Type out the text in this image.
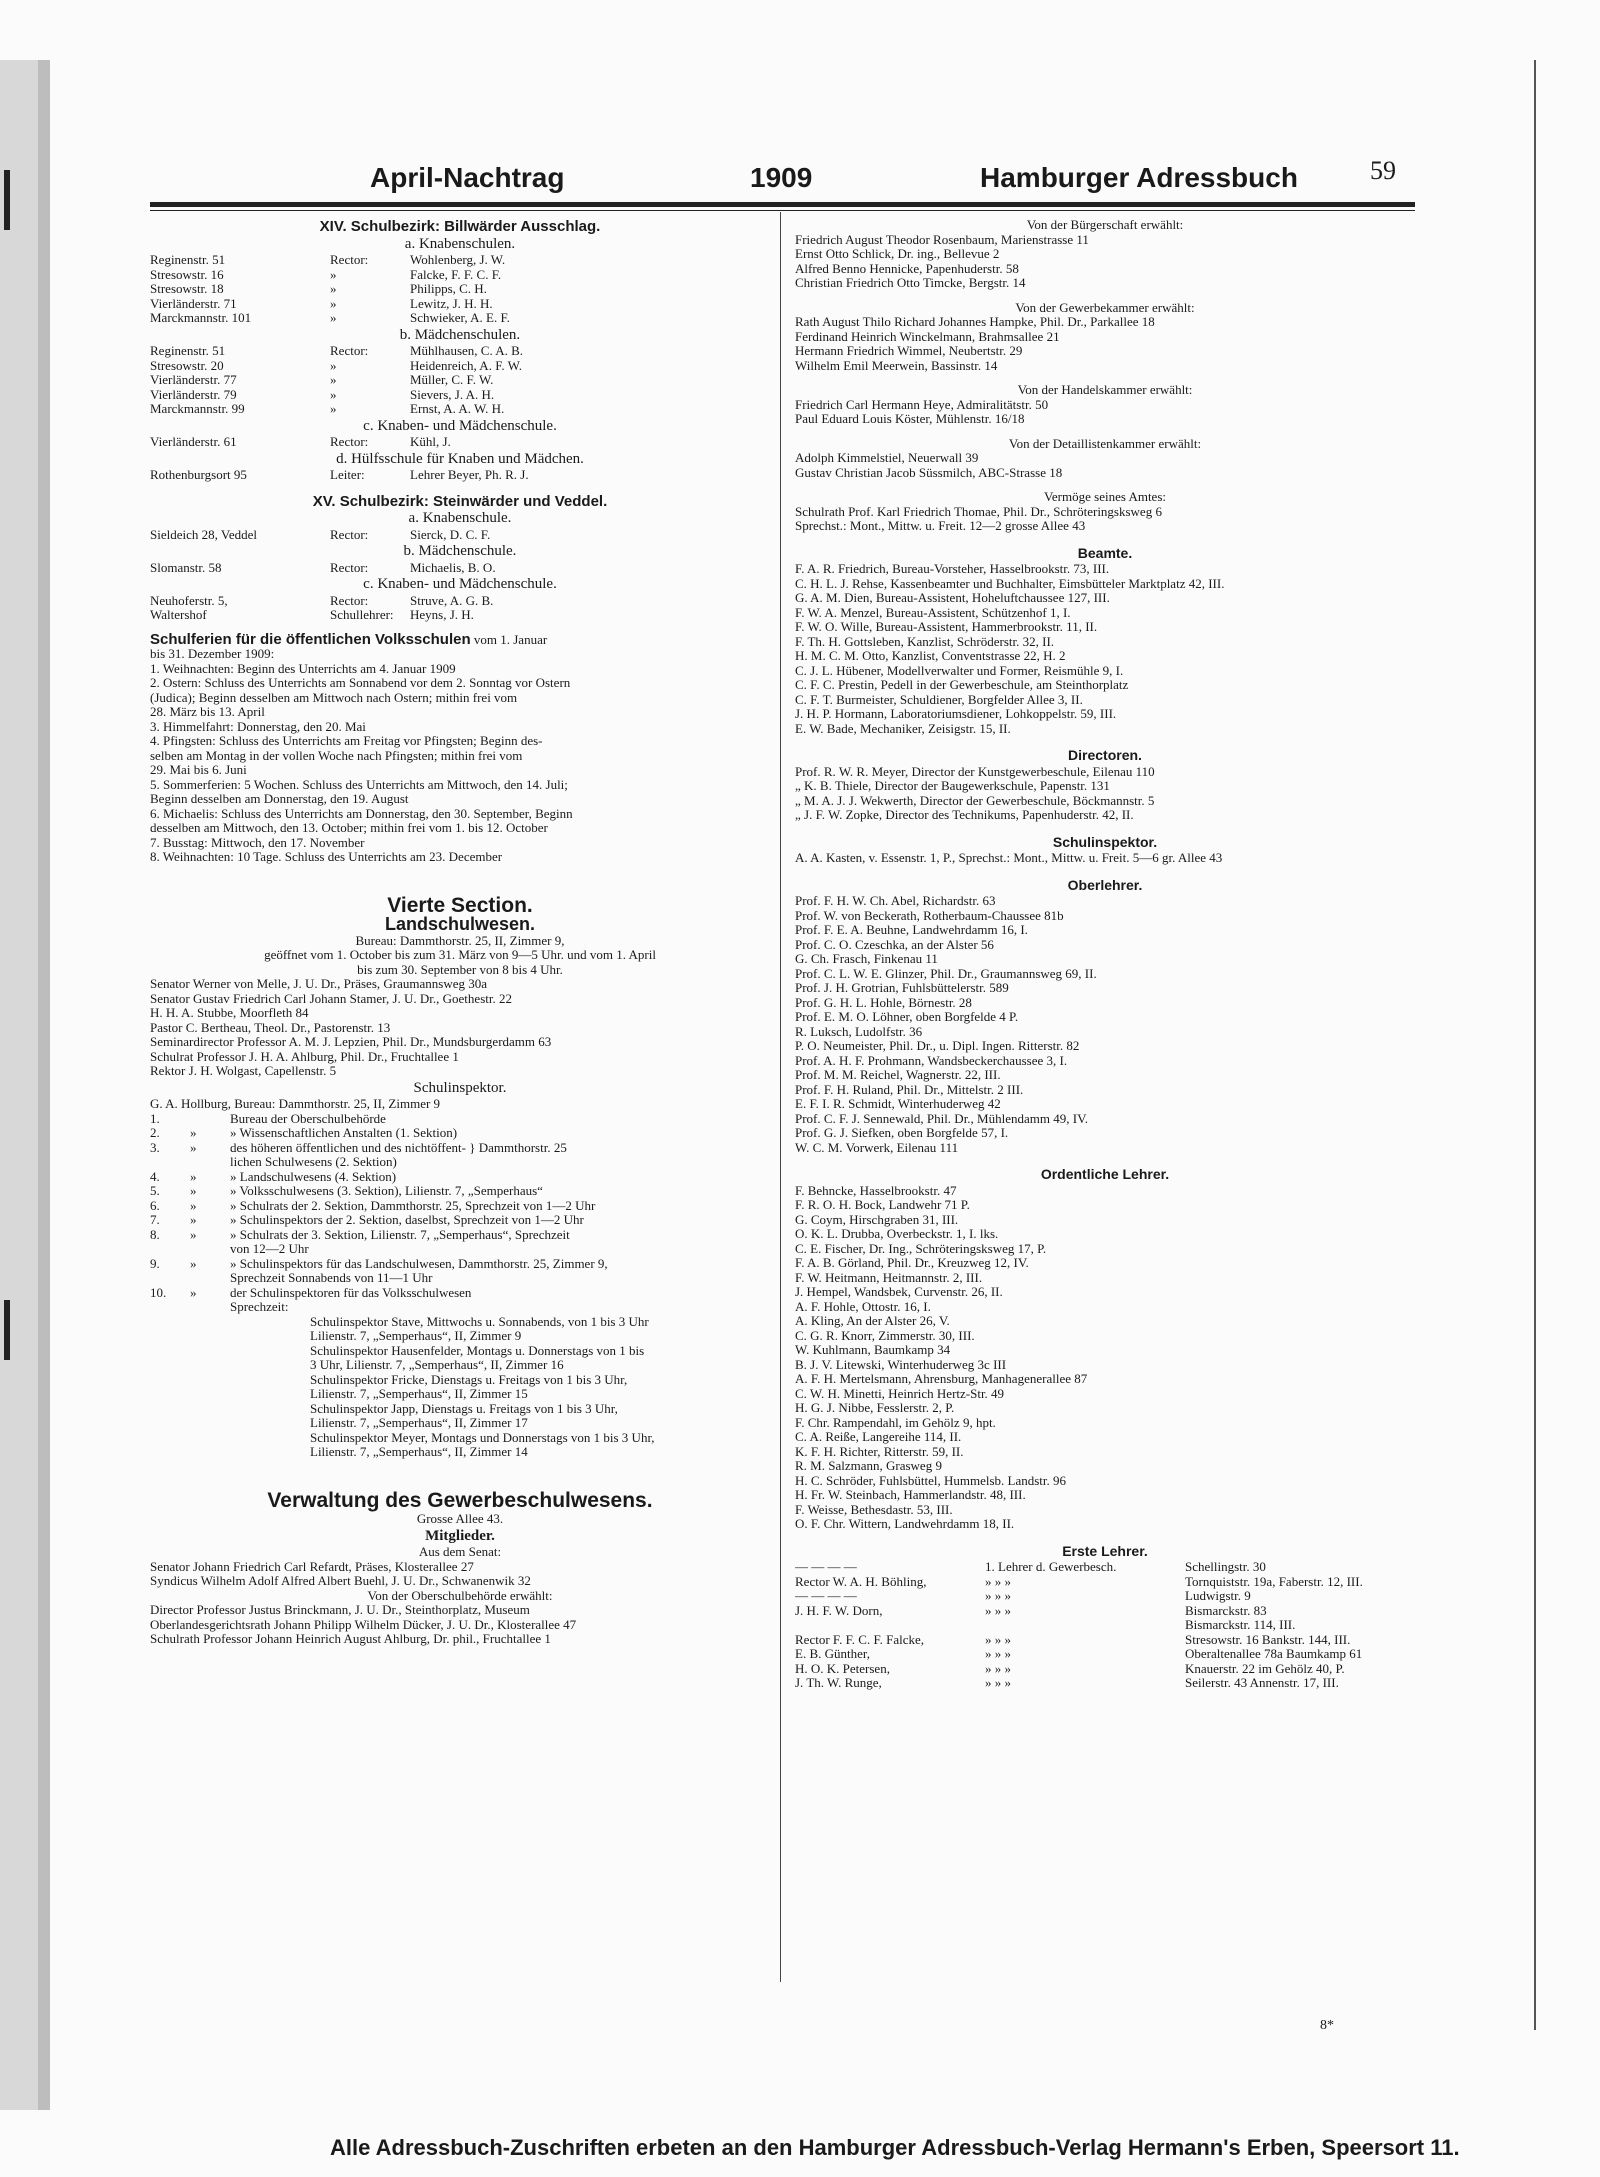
April-Nachtrag	1909	Hamburger Adressbuch	59
XIV. Schulbezirk: Billwärder Ausschlag.
a. Knabenschulen.
Reginenstr. 51	Rector:	Wohlenberg, J. W.
Stresowstr. 16	»	Falcke, F. F. C. F.
Stresowstr. 18	»	Philipps, C. H.
Vierländerstr. 71	»	Lewitz, J. H. H.
Marckmannstr. 101	»	Schwieker, A. E. F.
b. Mädchenschulen.
Reginenstr. 51	Rector:	Mühlhausen, C. A. B.
Stresowstr. 20	»	Heidenreich, A. F. W.
Vierländerstr. 77	»	Müller, C. F. W.
Vierländerstr. 79	»	Sievers, J. A. H.
Marckmannstr. 99	»	Ernst, A. A. W. H.
c. Knaben- und Mädchenschule.
Vierländerstr. 61	Rector:	Kühl, J.
d. Hülfsschule für Knaben und Mädchen.
Rothenburgsort 95	Leiter:	Lehrer Beyer, Ph. R. J.
XV. Schulbezirk: Steinwärder und Veddel.
a. Knabenschule.
Sieldeich 28, Veddel	Rector:	Sierck, D. C. F.
b. Mädchenschule.
Slomanstr. 58	Rector:	Michaelis, B. O.
c. Knaben- und Mädchenschule.
Neuhoferstr. 5,	Rector:	Struve, A. G. B.
Waltershof	Schullehrer:	Heyns, J. H.
Schulferien für die öffentlichen Volksschulen vom 1. Januar
bis 31. Dezember 1909:
1. Weihnachten: Beginn des Unterrichts am 4. Januar 1909
2. Ostern: Schluss des Unterrichts am Sonnabend vor dem 2. Sonntag vor Ostern
(Judica); Beginn desselben am Mittwoch nach Ostern; mithin frei vom
28. März bis 13. April
3. Himmelfahrt: Donnerstag, den 20. Mai
4. Pfingsten: Schluss des Unterrichts am Freitag vor Pfingsten; Beginn des-
selben am Montag in der vollen Woche nach Pfingsten; mithin frei vom
29. Mai bis 6. Juni
5. Sommerferien: 5 Wochen. Schluss des Unterrichts am Mittwoch, den 14. Juli;
Beginn desselben am Donnerstag, den 19. August
6. Michaelis: Schluss des Unterrichts am Donnerstag, den 30. September, Beginn
desselben am Mittwoch, den 13. October; mithin frei vom 1. bis 12. October
7. Busstag: Mittwoch, den 17. November
8. Weihnachten: 10 Tage. Schluss des Unterrichts am 23. December
Vierte Section.
Landschulwesen.
Bureau: Dammthorstr. 25, II, Zimmer 9,
geöffnet vom 1. October bis zum 31. März von 9—5 Uhr. und vom 1. April
bis zum 30. September von 8 bis 4 Uhr.
Senator Werner von Melle, J. U. Dr., Präses, Graumannsweg 30a
Senator Gustav Friedrich Carl Johann Stamer, J. U. Dr., Goethestr. 22
H. H. A. Stubbe, Moorfleth 84
Pastor C. Bertheau, Theol. Dr., Pastorenstr. 13
Seminardirector Professor A. M. J. Lepzien, Phil. Dr., Mundsburgerdamm 63
Schulrat Professor J. H. A. Ahlburg, Phil. Dr., Fruchtallee 1
Rektor J. H. Wolgast, Capellenstr. 5
Schulinspektor.
G. A. Hollburg, Bureau: Dammthorstr. 25, II, Zimmer 9
1.	Bureau der Oberschulbehörde
2.	»	» Wissenschaftlichen Anstalten (1. Sektion)
3.	»	des höheren öffentlichen und des nichtöffent- } Dammthorstr. 25
lichen Schulwesens (2. Sektion)
4.	»	» Landschulwesens (4. Sektion)
5.	»	» Volksschulwesens (3. Sektion), Lilienstr. 7, „Semperhaus“
6.	»	» Schulrats der 2. Sektion, Dammthorstr. 25, Sprechzeit von 1—2 Uhr
7.	»	» Schulinspektors der 2. Sektion, daselbst, Sprechzeit von 1—2 Uhr
8.	»	» Schulrats der 3. Sektion, Lilienstr. 7, „Semperhaus“, Sprechzeit
von 12—2 Uhr
9.	»	» Schulinspektors für das Landschulwesen, Dammthorstr. 25, Zimmer 9,
Sprechzeit Sonnabends von 11—1 Uhr
10.	»	der Schulinspektoren für das Volksschulwesen
Sprechzeit:
Schulinspektor Stave, Mittwochs u. Sonnabends, von 1 bis 3 Uhr
Lilienstr. 7, „Semperhaus“, II, Zimmer 9
Schulinspektor Hausenfelder, Montags u. Donnerstags von 1 bis
3 Uhr, Lilienstr. 7, „Semperhaus“, II, Zimmer 16
Schulinspektor Fricke, Dienstags u. Freitags von 1 bis 3 Uhr,
Lilienstr. 7, „Semperhaus“, II, Zimmer 15
Schulinspektor Japp, Dienstags u. Freitags von 1 bis 3 Uhr,
Lilienstr. 7, „Semperhaus“, II, Zimmer 17
Schulinspektor Meyer, Montags und Donnerstags von 1 bis 3 Uhr,
Lilienstr. 7, „Semperhaus“, II, Zimmer 14
Verwaltung des Gewerbeschulwesens.
Grosse Allee 43.
Mitglieder.
Aus dem Senat:
Senator Johann Friedrich Carl Refardt, Präses, Klosterallee 27
Syndicus Wilhelm Adolf Alfred Albert Buehl, J. U. Dr., Schwanenwik 32
Von der Oberschulbehörde erwählt:
Director Professor Justus Brinckmann, J. U. Dr., Steinthorplatz, Museum
Oberlandesgerichtsrath Johann Philipp Wilhelm Dücker, J. U. Dr., Klosterallee 47
Schulrath Professor Johann Heinrich August Ahlburg, Dr. phil., Fruchtallee 1
Von der Bürgerschaft erwählt:
Friedrich August Theodor Rosenbaum, Marienstrasse 11
Ernst Otto Schlick, Dr. ing., Bellevue 2
Alfred Benno Hennicke, Papenhuderstr. 58
Christian Friedrich Otto Timcke, Bergstr. 14
Von der Gewerbekammer erwählt:
Rath August Thilo Richard Johannes Hampke, Phil. Dr., Parkallee 18
Ferdinand Heinrich Winckelmann, Brahmsallee 21
Hermann Friedrich Wimmel, Neubertstr. 29
Wilhelm Emil Meerwein, Bassinstr. 14
Von der Handelskammer erwählt:
Friedrich Carl Hermann Heye, Admiralitätstr. 50
Paul Eduard Louis Köster, Mühlenstr. 16/18
Von der Detaillistenkammer erwählt:
Adolph Kimmelstiel, Neuerwall 39
Gustav Christian Jacob Süssmilch, ABC-Strasse 18
Vermöge seines Amtes:
Schulrath Prof. Karl Friedrich Thomae, Phil. Dr., Schröteringsksweg 6
Sprechst.: Mont., Mittw. u. Freit. 12—2 grosse Allee 43
Beamte.
F. A. R. Friedrich, Bureau-Vorsteher, Hasselbrookstr. 73, III.
C. H. L. J. Rehse, Kassenbeamter und Buchhalter, Eimsbütteler Marktplatz 42, III.
G. A. M. Dien, Bureau-Assistent, Hoheluftchaussee 127, III.
F. W. A. Menzel, Bureau-Assistent, Schützenhof 1, I.
F. W. O. Wille, Bureau-Assistent, Hammerbrookstr. 11, II.
F. Th. H. Gottsleben, Kanzlist, Schröderstr. 32, II.
H. M. C. M. Otto, Kanzlist, Conventstrasse 22, H. 2
C. J. L. Hübener, Modellverwalter und Former, Reismühle 9, I.
C. F. C. Prestin, Pedell in der Gewerbeschule, am Steinthorplatz
C. F. T. Burmeister, Schuldiener, Borgfelder Allee 3, II.
J. H. P. Hormann, Laboratoriumsdiener, Lohkoppelstr. 59, III.
E. W. Bade, Mechaniker, Zeisigstr. 15, II.
Directoren.
Prof. R. W. R. Meyer, Director der Kunstgewerbeschule, Eilenau 110
„ K. B. Thiele, Director der Baugewerkschule, Papenstr. 131
„ M. A. J. J. Wekwerth, Director der Gewerbeschule, Böckmannstr. 5
„ J. F. W. Zopke, Director des Technikums, Papenhuderstr. 42, II.
Schulinspektor.
A. A. Kasten, v. Essenstr. 1, P., Sprechst.: Mont., Mittw. u. Freit. 5—6 gr. Allee 43
Oberlehrer.
Prof. F. H. W. Ch. Abel, Richardstr. 63
Prof. W. von Beckerath, Rotherbaum-Chaussee 81b
Prof. F. E. A. Beuhne, Landwehrdamm 16, I.
Prof. C. O. Czeschka, an der Alster 56
G. Ch. Frasch, Finkenau 11
Prof. C. L. W. E. Glinzer, Phil. Dr., Graumannsweg 69, II.
Prof. J. H. Grotrian, Fuhlsbüttelerstr. 589
Prof. G. H. L. Hohle, Börnestr. 28
Prof. E. M. O. Löhner, oben Borgfelde 4 P.
R. Luksch, Ludolfstr. 36
P. O. Neumeister, Phil. Dr., u. Dipl. Ingen. Ritterstr. 82
Prof. A. H. F. Prohmann, Wandsbeckerchaussee 3, I.
Prof. M. M. Reichel, Wagnerstr. 22, III.
Prof. F. H. Ruland, Phil. Dr., Mittelstr. 2 III.
E. F. I. R. Schmidt, Winterhuderweg 42
Prof. C. F. J. Sennewald, Phil. Dr., Mühlendamm 49, IV.
Prof. G. J. Siefken, oben Borgfelde 57, I.
W. C. M. Vorwerk, Eilenau 111
Ordentliche Lehrer.
F. Behncke, Hasselbrookstr. 47
F. R. O. H. Bock, Landwehr 71 P.
G. Coym, Hirschgraben 31, III.
O. K. L. Drubba, Overbeckstr. 1, I. lks.
C. E. Fischer, Dr. Ing., Schröteringsksweg 17, P.
F. A. B. Görland, Phil. Dr., Kreuzweg 12, IV.
F. W. Heitmann, Heitmannstr. 2, III.
J. Hempel, Wandsbek, Curvenstr. 26, II.
A. F. Hohle, Ottostr. 16, I.
A. Kling, An der Alster 26, V.
C. G. R. Knorr, Zimmerstr. 30, III.
W. Kuhlmann, Baumkamp 34
B. J. V. Litewski, Winterhuderweg 3c III
A. F. H. Mertelsmann, Ahrensburg, Manhagenerallee 87
C. W. H. Minetti, Heinrich Hertz-Str. 49
H. G. J. Nibbe, Fesslerstr. 2, P.
F. Chr. Rampendahl, im Gehölz 9, hpt.
C. A. Reiße, Langereihe 114, II.
K. F. H. Richter, Ritterstr. 59, II.
R. M. Salzmann, Grasweg 9
H. C. Schröder, Fuhlsbüttel, Hummelsb. Landstr. 96
H. Fr. W. Steinbach, Hammerlandstr. 48, III.
F. Weisse, Bethesdastr. 53, III.
O. F. Chr. Wittern, Landwehrdamm 18, II.
Erste Lehrer.
— — — —	1. Lehrer d. Gewerbesch.	Schellingstr. 30
Rector W. A. H. Böhling,	» » »	Tornquiststr. 19a, Faberstr. 12, III.
— — — —	» » »	Ludwigstr. 9
J. H. F. W. Dorn,	» » »	Bismarckstr. 83
Bismarckstr. 114, III.
Rector F. F. C. F. Falcke,	» » »	Stresowstr. 16 Bankstr. 144, III.
E. B. Günther,	» » »	Oberaltenallee 78a Baumkamp 61
H. O. K. Petersen,	» » »	Knauerstr. 22 im Gehölz 40, P.
J. Th. W. Runge,	» » »	Seilerstr. 43 Annenstr. 17, III.
Alle Adressbuch-Zuschriften erbeten an den Hamburger Adressbuch-Verlag Hermann's Erben, Speersort 11.
8*
